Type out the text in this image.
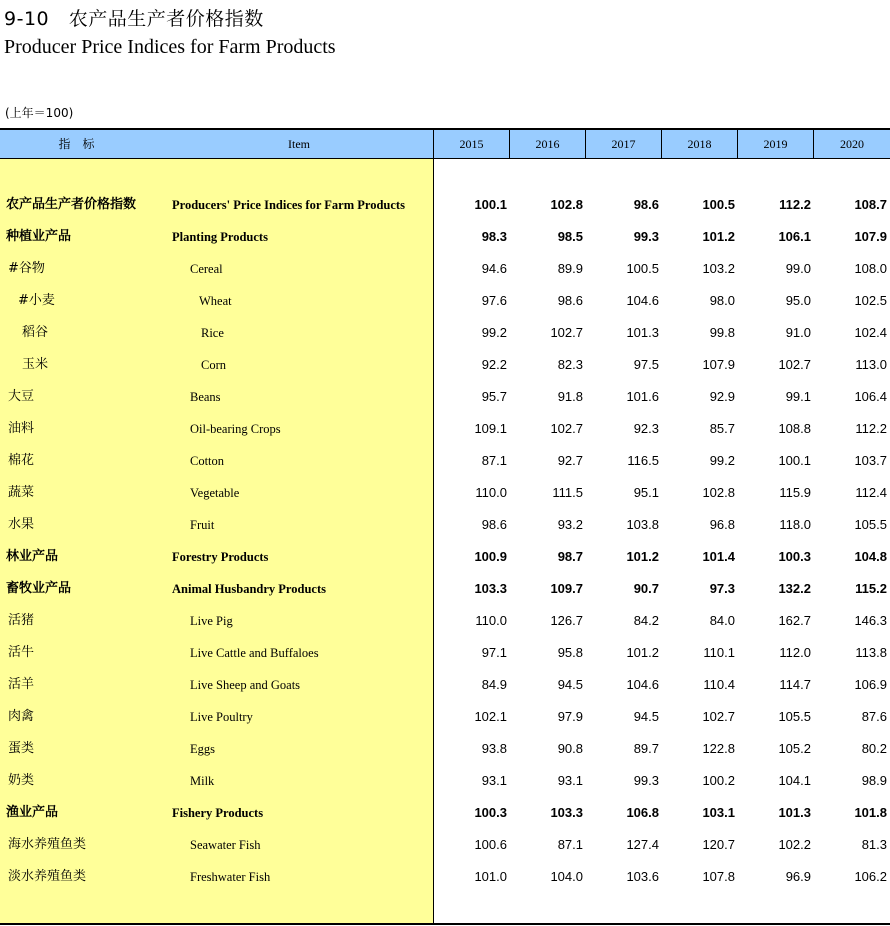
9-10 农产品生产者价格指数
Producer Price Indices for Farm Products
(上年＝100)
指标	Item	2015	2016	2017	2018	2019	2020
农产品生产者价格指数	Producers' Price Indices for Farm Products	100.1	102.8	98.6	100.5	112.2	108.7
种植业产品	Planting Products	98.3	98.5	99.3	101.2	106.1	107.9
#谷物	Cereal	94.6	89.9	100.5	103.2	99.0	108.0
#小麦	Wheat	97.6	98.6	104.6	98.0	95.0	102.5
稻谷	Rice	99.2	102.7	101.3	99.8	91.0	102.4
玉米	Corn	92.2	82.3	97.5	107.9	102.7	113.0
大豆	Beans	95.7	91.8	101.6	92.9	99.1	106.4
油料	Oil-bearing Crops	109.1	102.7	92.3	85.7	108.8	112.2
棉花	Cotton	87.1	92.7	116.5	99.2	100.1	103.7
蔬菜	Vegetable	110.0	111.5	95.1	102.8	115.9	112.4
水果	Fruit	98.6	93.2	103.8	96.8	118.0	105.5
林业产品	Forestry Products	100.9	98.7	101.2	101.4	100.3	104.8
畜牧业产品	Animal Husbandry Products	103.3	109.7	90.7	97.3	132.2	115.2
活猪	Live Pig	110.0	126.7	84.2	84.0	162.7	146.3
活牛	Live Cattle and Buffaloes	97.1	95.8	101.2	110.1	112.0	113.8
活羊	Live Sheep and Goats	84.9	94.5	104.6	110.4	114.7	106.9
肉禽	Live Poultry	102.1	97.9	94.5	102.7	105.5	87.6
蛋类	Eggs	93.8	90.8	89.7	122.8	105.2	80.2
奶类	Milk	93.1	93.1	99.3	100.2	104.1	98.9
渔业产品	Fishery Products	100.3	103.3	106.8	103.1	101.3	101.8
海水养殖鱼类	Seawater Fish	100.6	87.1	127.4	120.7	102.2	81.3
淡水养殖鱼类	Freshwater Fish	101.0	104.0	103.6	107.8	96.9	106.2
